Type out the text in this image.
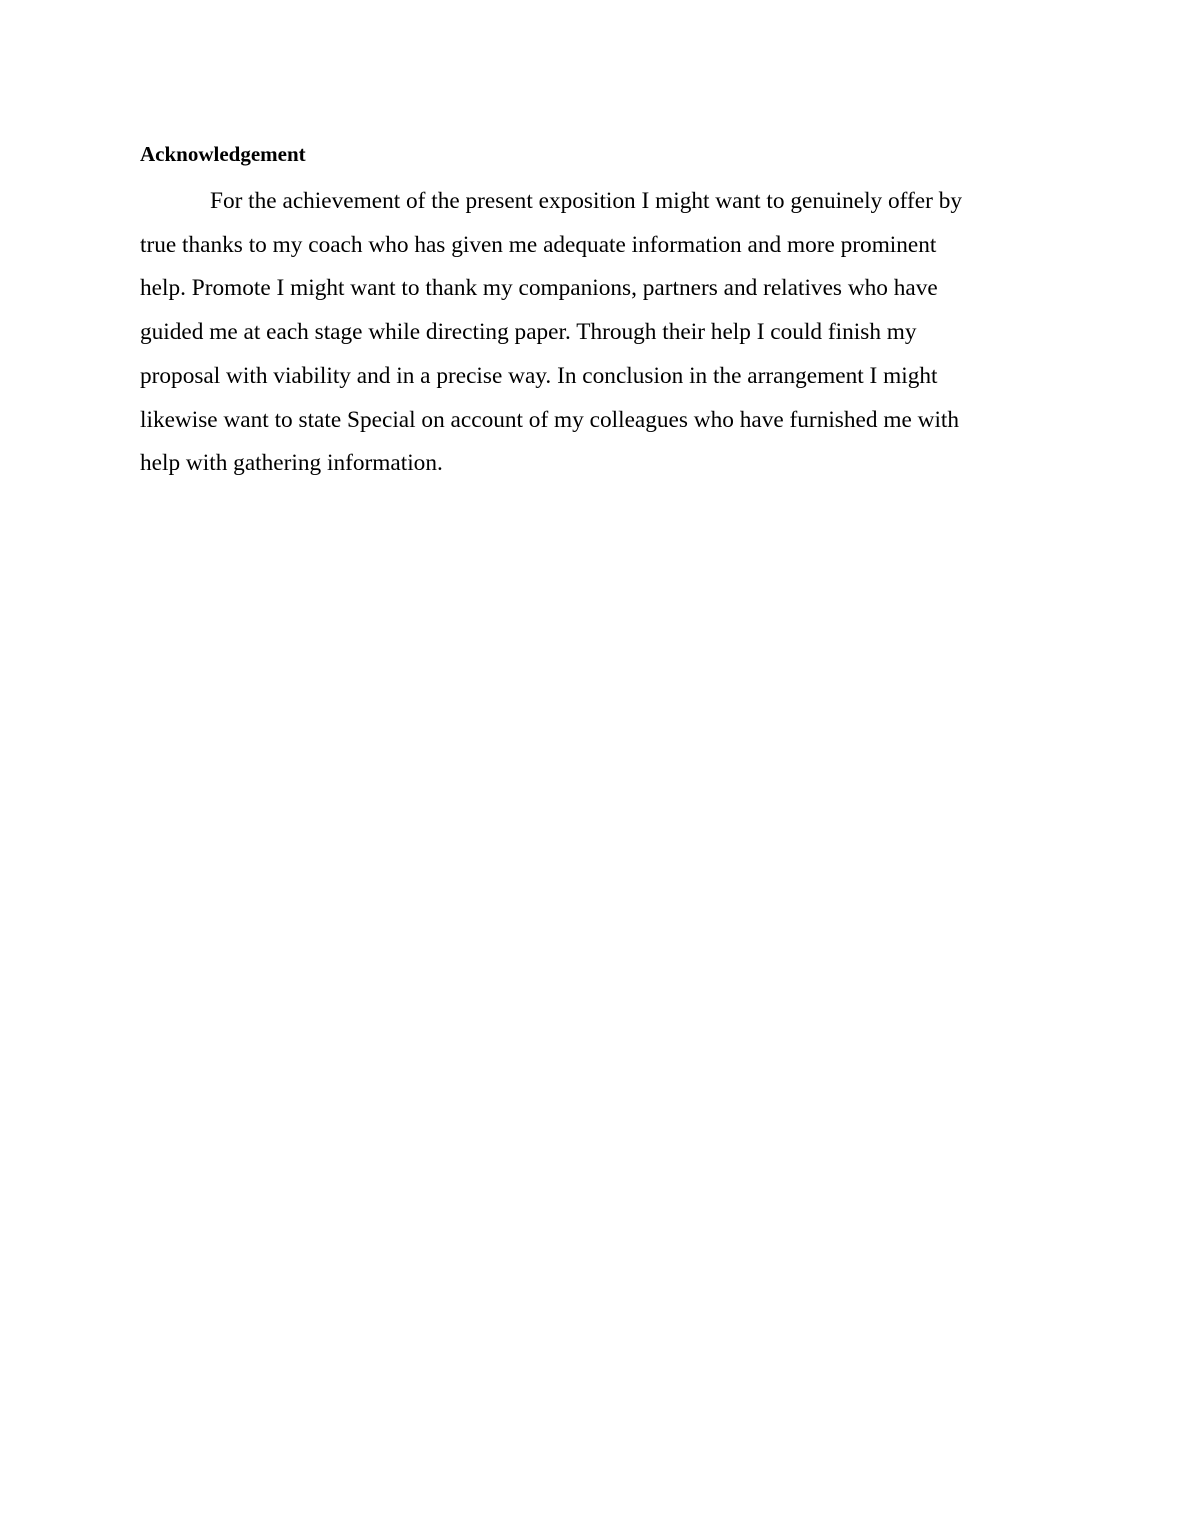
Acknowledgement

For the achievement of the present exposition I might want to genuinely offer by
true thanks to my coach who has given me adequate information and more prominent
help. Promote I might want to thank my companions, partners and relatives who have
guided me at each stage while directing paper. Through their help I could finish my
proposal with viability and in a precise way. In conclusion in the arrangement I might
likewise want to state Special on account of my colleagues who have furnished me with
help with gathering information.
